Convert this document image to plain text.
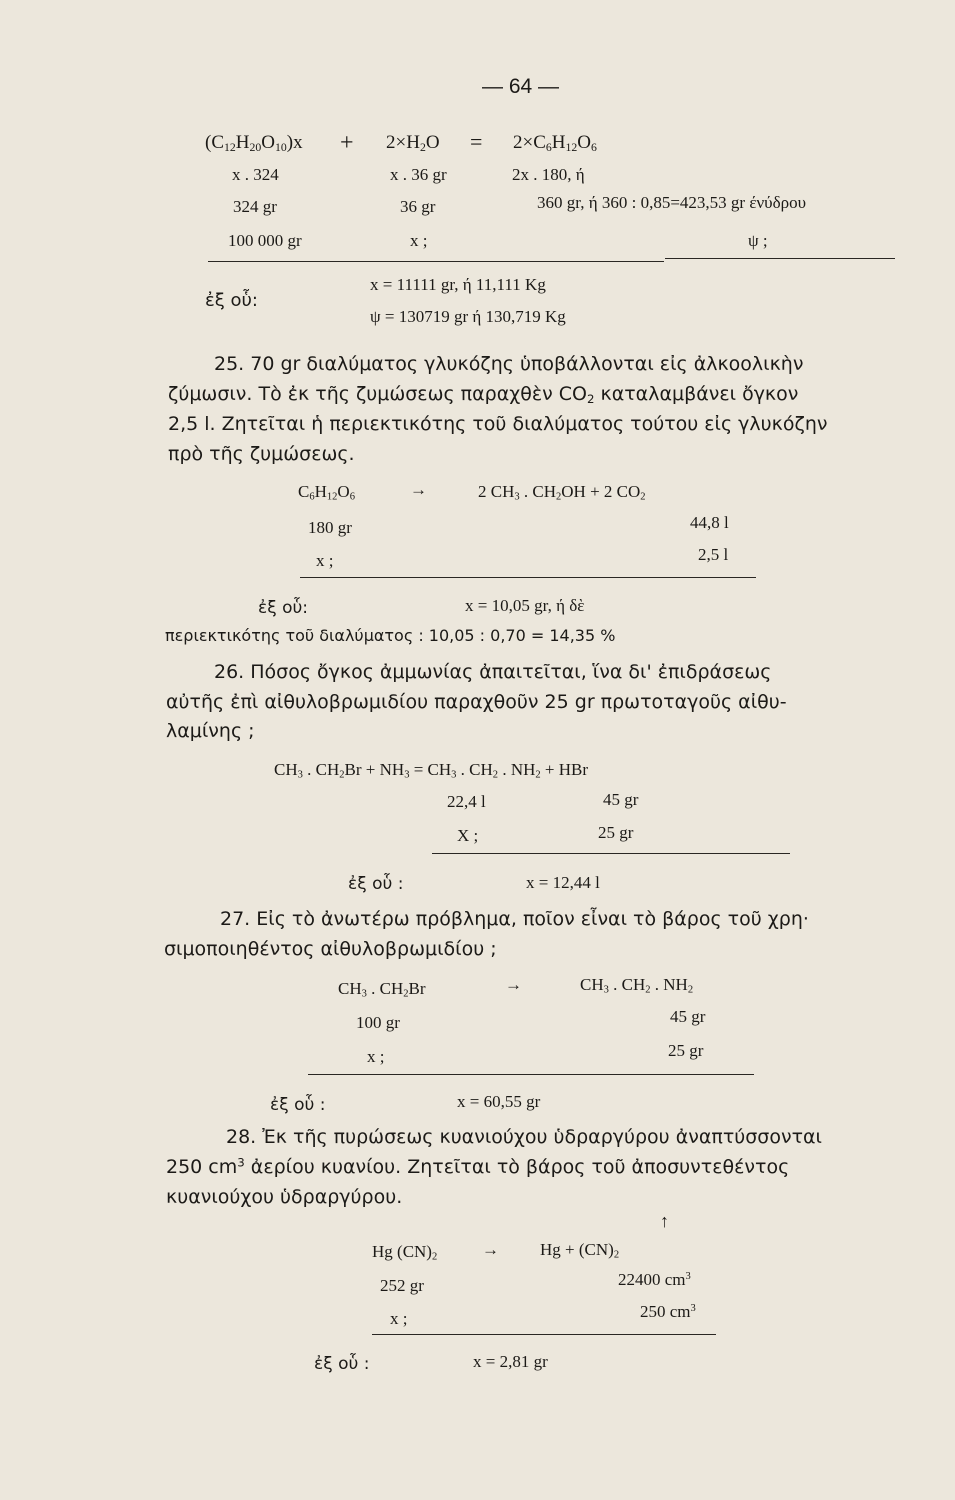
— 64 —
$(C_{12}H_{20}O_{10})x + 2\times H_2O = 2\times C_6H_{12}O_6$
x . 324	x . 36 gr	2x . 180, ή
324 gr	36 gr	360 gr, ή 360 : 0,85=423,53 gr ένύδρου
100 000 gr	x ;	ψ ;
ἐξ οὗ:
x = 11111 gr, ή 11,111 Kg
ψ = 130719 gr ή 130,719 Kg
25. 70 gr διαλύματος γλυκόζης ὑποβάλλονται εἰς ἀλκοολικὴν
ζύμωσιν. Τὸ ἐκ τῆς ζυμώσεως παραχθὲν $CO_2$ καταλαμβάνει ὄγκον
2,5 l. Ζητεῖται ἡ περιεκτικότης τοῦ διαλύματος τούτου εἰς γλυκόζην
πρὸ τῆς ζυμώσεως.
$C_6H_{12}O_6$	→	2 $CH_3$ . $CH_2OH + 2$ $CO_2$
180 gr	44,8 l
x ;	2,5 l
ἐξ οὗ:	x = 10,05 gr, ή δὲ
περιεκτικότης τοῦ διαλύματος : 10,05 : 0,70 = 14,35 %
26. Πόσος ὄγκος ἀμμωνίας ἀπαιτεῖται, ἵνα δι' ἐπιδράσεως
αὐτῆς ἐπὶ αἰθυλοβρωμιδίου παραχθοῦν 25 gr πρωτοταγοῦς αἰθυ-
λαμίνης ;
$CH_3$ . $CH_2Br + NH_3 = CH_3$ . $CH_2$ . $NH_2$ + HBr
22,4 l	45 gr
X ;	25 gr
ἐξ οὗ :	x = 12,44 l
27. Εἰς τὸ ἀνωτέρω πρόβλημα, ποῖον εἶναι τὸ βάρος τοῦ χρη·
σιμοποιηθέντος αἰθυλοβρωμιδίου ;
$CH_3$ . $CH_2Br$	→	$CH_3$ . $CH_2$ . $NH_2$
100 gr	45 gr
x ;	25 gr
ἐξ οὗ :	x = 60,55 gr
28. Ἐκ τῆς πυρώσεως κυανιούχου ὑδραργύρου ἀναπτύσσονται
250 $cm^3$ ἀερίου κυανίου. Ζητεῖται τὸ βάρος τοῦ ἀποσυντεθέντος
κυανιούχου ὑδραργύρου.
↑
Hg $(CN)_2$	→ $Hg + (CN)_2$
252 gr	22400 $cm^3$
x ;	250 $cm^3$
ἐξ οὗ :	x = 2,81 gr
